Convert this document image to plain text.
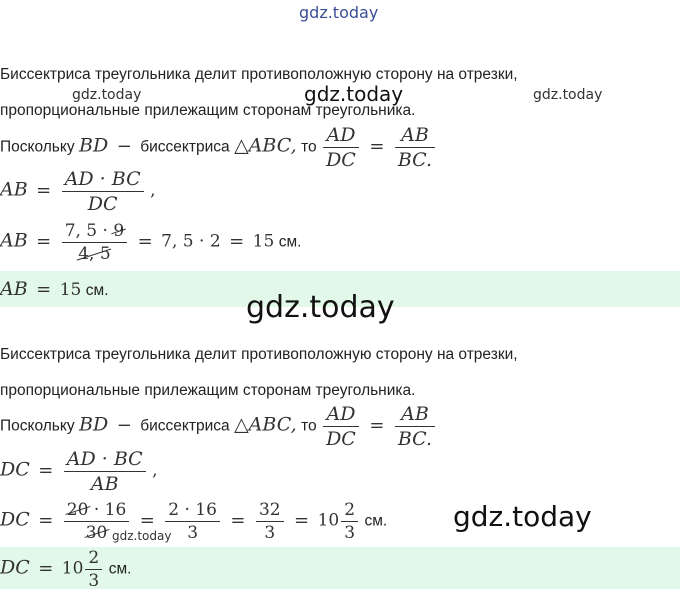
gdz.today
Биссектриса треугольника делит противоположную сторону на отрезки,
gdz.today	gdz.today	gdz.today
пропорциональные прилежащим сторонам треугольника.
Поскольку BD − биссектриса △ABC, то $\frac{AD}{DC} = \frac{AB}{BC.}$
AB = $\frac{AD \cdot BC}{DC}$ ,
AB = $\frac{7, 5 \cdot 9}{4, 5} = 7$, 5 · 2 = 15 см.
AB = 15 см.	gdz.today
Биссектриса треугольника делит противоположную сторону на отрезки,
пропорциональные прилежащим сторонам треугольника.
Поскольку BD − биссектриса △ABC, то $\frac{AD}{DC} = \frac{AB}{BC.}$
DC = $\frac{AD \cdot BC}{AB}$ ,
DC = $\frac{20 \cdot 16}{30} = \frac{2 \cdot 16}{3} = \frac{32}{3} = 10 \frac{2}{3}$ см.
gdz.today
gdz.today
DC = $10 \frac{2}{3}$ см.
